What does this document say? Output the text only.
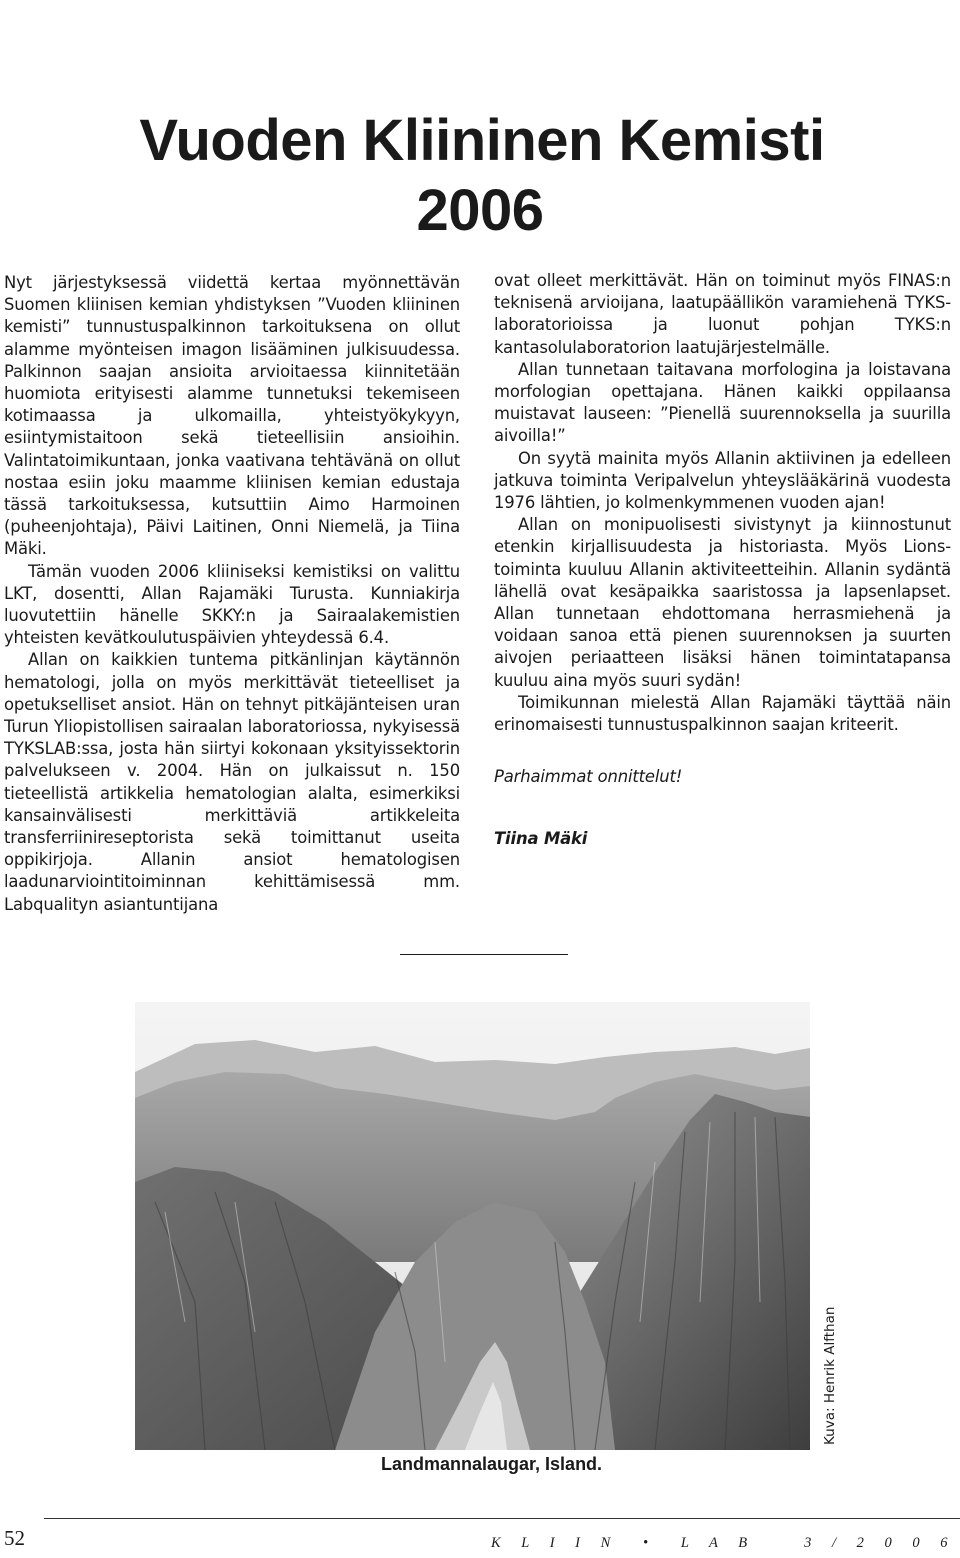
Vuoden Kliininen Kemisti
2006

Nyt järjestyksessä viidettä kertaa myönnettävän Suomen kliinisen kemian yhdistyksen ”Vuoden kliininen kemisti” tunnustuspalkinnon tarkoituksena on ollut alamme myönteisen imagon lisääminen julkisuudessa. Palkinnon saajan ansioita arvioitaessa kiinnitetään huomiota erityisesti alamme tunnetuksi tekemiseen kotimaassa ja ulkomailla, yhteistyökykyyn, esiintymistaitoon sekä tieteellisiin ansioihin. Valintatoimikuntaan, jonka vaativana tehtävänä on ollut nostaa esiin joku maamme kliinisen kemian edustaja tässä tarkoituksessa, kutsuttiin Aimo Harmoinen (puheenjohtaja), Päivi Laitinen, Onni Niemelä, ja Tiina Mäki.

Tämän vuoden 2006 kliiniseksi kemistiksi on valittu LKT, dosentti, Allan Rajamäki Turusta. Kunniakirja luovutettiin hänelle SKKY:n ja Sairaalakemistien yhteisten kevätkoulutuspäivien yhteydessä 6.4.

Allan on kaikkien tuntema pitkänlinjan käytännön hematologi, jolla on myös merkittävät tieteelliset ja opetukselliset ansiot. Hän on tehnyt pitkäjänteisen uran Turun Yliopistollisen sairaalan laboratoriossa, nykyisessä TYKSLAB:ssa, josta hän siirtyi kokonaan yksityissektorin palvelukseen v. 2004. Hän on julkaissut n. 150 tieteellistä artikkelia hematologian alalta, esimerkiksi kansainvälisesti merkittäviä artikkeleita transferriinireseptorista sekä toimittanut useita oppikirjoja. Allanin ansiot hematologisen laadunarviointitoiminnan kehittämisessä mm. Labqualityn asiantuntijana

ovat olleet merkittävät. Hän on toiminut myös FINAS:n teknisenä arvioijana, laatupäällikön varamiehenä TYKS-laboratorioissa ja luonut pohjan TYKS:n kantasolulaboratorion laatujärjestelmälle.

Allan tunnetaan taitavana morfologina ja loistavana morfologian opettajana. Hänen kaikki oppilaansa muistavat lauseen: ”Pienellä suurennoksella ja suurilla aivoilla!”

On syytä mainita myös Allanin aktiivinen ja edelleen jatkuva toiminta Veripalvelun yhteyslääkärinä vuodesta 1976 lähtien, jo kolmenkymmenen vuoden ajan!

Allan on monipuolisesti sivistynyt ja kiinnostunut etenkin kirjallisuudesta ja historiasta. Myös Lions-toiminta kuuluu Allanin aktiviteetteihin. Allanin sydäntä lähellä ovat kesäpaikka saaristossa ja lapsenlapset. Allan tunnetaan ehdottomana herrasmiehenä ja voidaan sanoa että pienen suurennoksen ja suurten aivojen periaatteen lisäksi hänen toimintatapansa kuuluu aina myös suuri sydän!

Toimikunnan mielestä Allan Rajamäki täyttää näin erinomaisesti tunnustuspalkinnon saajan kriteerit.

Parhaimmat onnittelut!

Tiina Mäki

Kuva: Henrik Alfthan
Landmannalaugar, Island.
52	K L I I N  •  L A B    3 / 2 0 0 6
